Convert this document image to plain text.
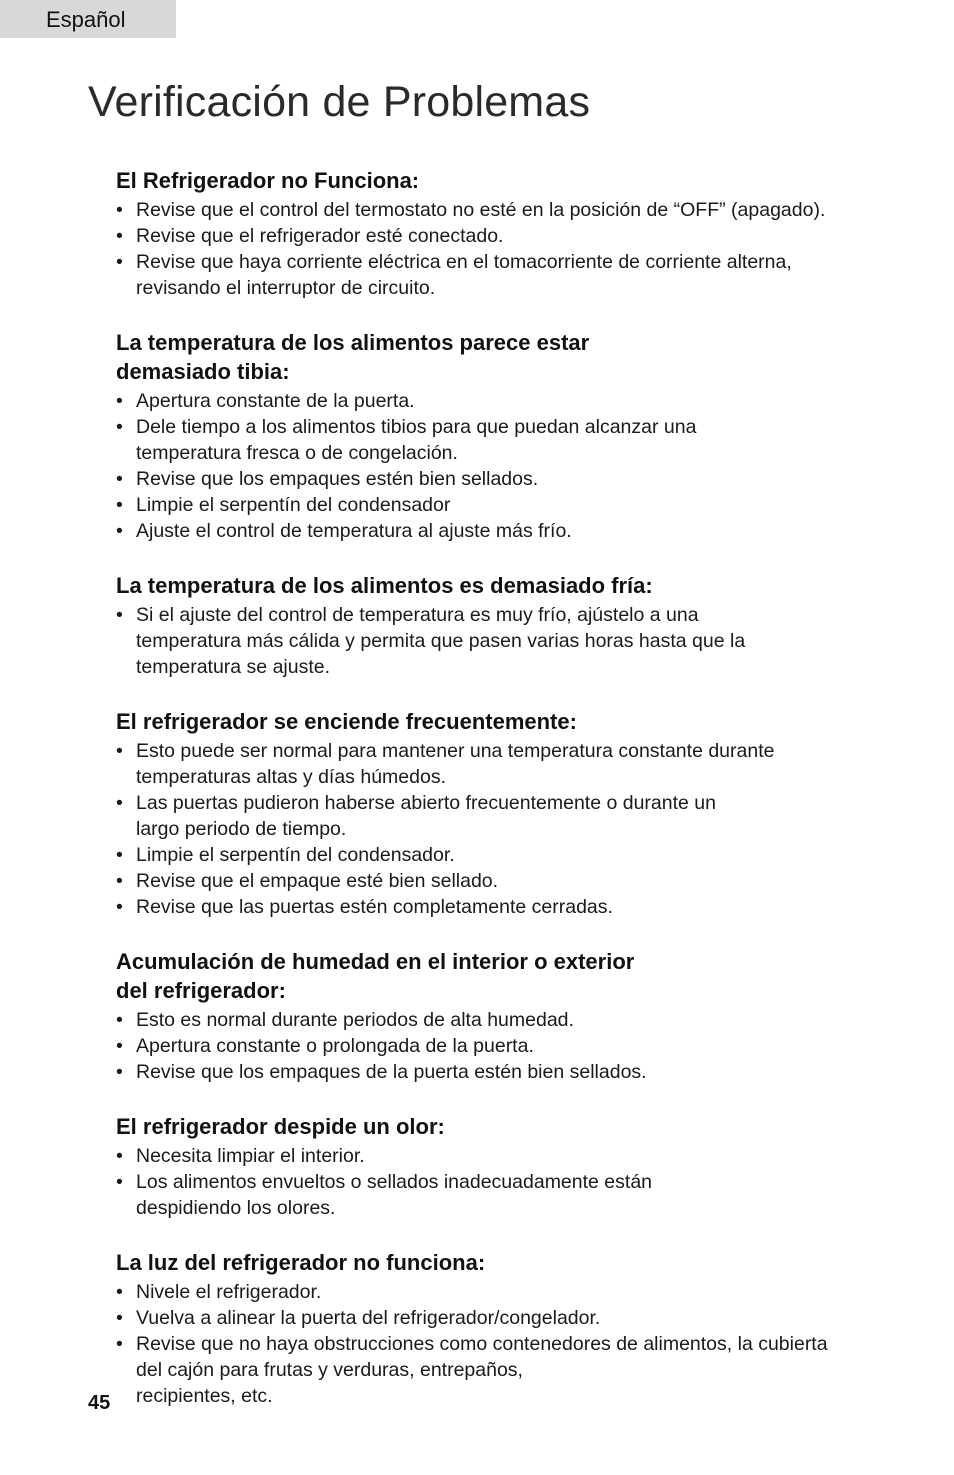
Español
Verificación de Problemas
El Refrigerador no Funciona:
• Revise que el control del termostato no esté en la posición de “OFF” (apagado).
• Revise que el refrigerador esté conectado.
• Revise que haya corriente eléctrica en el tomacorriente de corriente alterna,
revisando el interruptor de circuito.
La temperatura de los alimentos parece estar
demasiado tibia:
• Apertura constante de la puerta.
• Dele tiempo a los alimentos tibios para que puedan alcanzar una
temperatura fresca o de congelación.
• Revise que los empaques estén bien sellados.
• Limpie el serpentín del condensador
• Ajuste el control de temperatura al ajuste más frío.
La temperatura de los alimentos es demasiado fría:
• Si el ajuste del control de temperatura es muy frío, ajústelo a una
temperatura más cálida y permita que pasen varias horas hasta que la
temperatura se ajuste.
El refrigerador se enciende frecuentemente:
• Esto puede ser normal para mantener una temperatura constante durante
temperaturas altas y días húmedos.
• Las puertas pudieron haberse abierto frecuentemente o durante un
largo periodo de tiempo.
• Limpie el serpentín del condensador.
• Revise que el empaque esté bien sellado.
• Revise que las puertas estén completamente cerradas.
Acumulación de humedad en el interior o exterior
del refrigerador:
• Esto es normal durante periodos de alta humedad.
• Apertura constante o prolongada de la puerta.
• Revise que los empaques de la puerta estén bien sellados.
El refrigerador despide un olor:
• Necesita limpiar el interior.
• Los alimentos envueltos o sellados inadecuadamente están
despidiendo los olores.
La luz del refrigerador no funciona:
• Nivele el refrigerador.
• Vuelva a alinear la puerta del refrigerador/congelador.
• Revise que no haya obstrucciones como contenedores de alimentos, la cubierta
del cajón para frutas y verduras, entrepaños,
recipientes, etc.
45
